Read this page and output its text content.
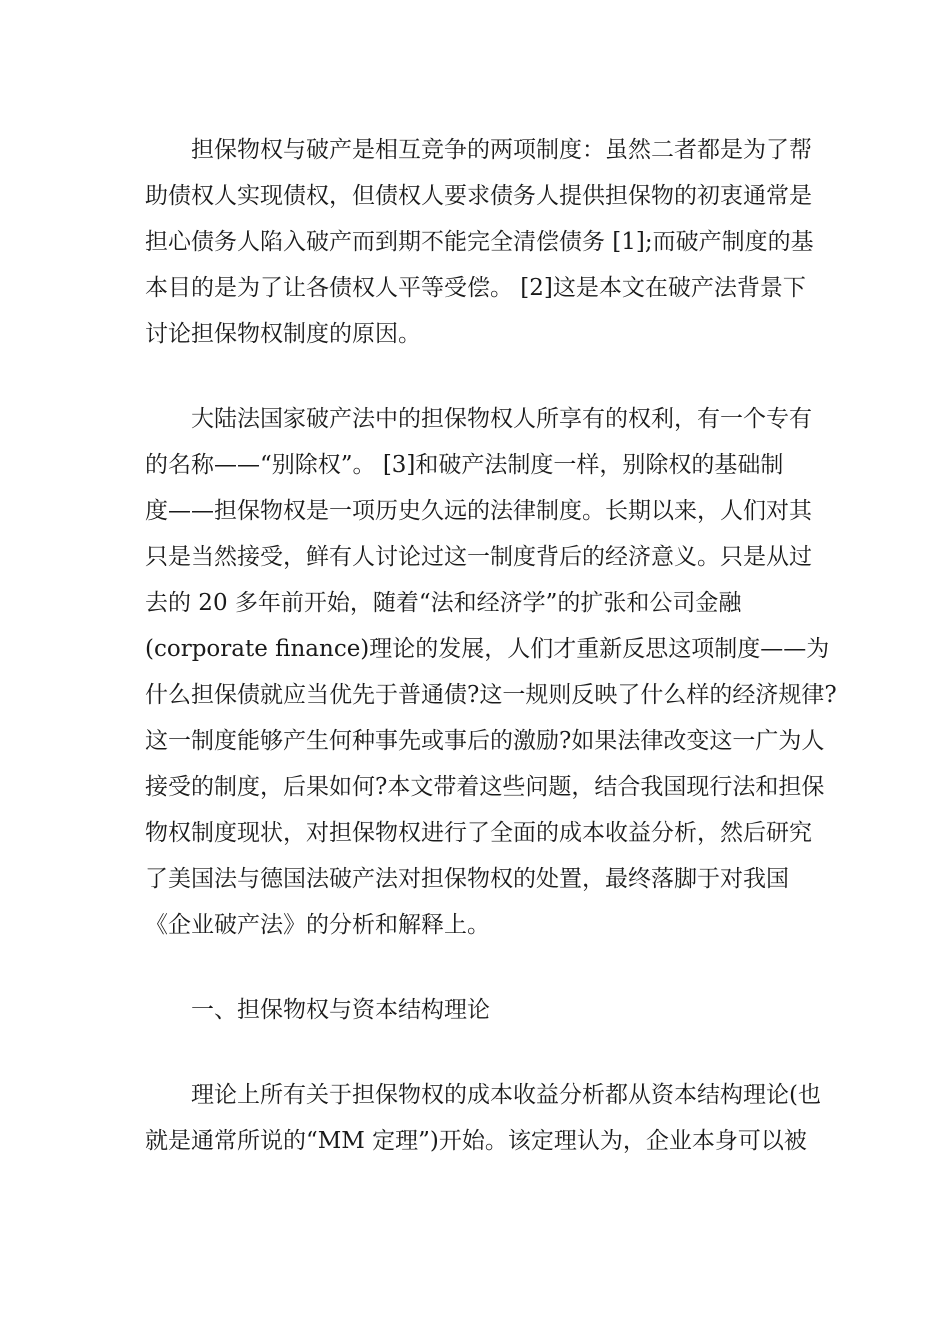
　　担保物权与破产是相互竞争的两项制度：虽然二者都是为了帮
助债权人实现债权，但债权人要求债务人提供担保物的初衷通常是
担心债务人陷入破产而到期不能完全清偿债务 [1];而破产制度的基
本目的是为了让各债权人平等受偿。 [2]这是本文在破产法背景下
讨论担保物权制度的原因。
　　大陆法国家破产法中的担保物权人所享有的权利，有一个专有
的名称——“别除权”。 [3]和破产法制度一样，别除权的基础制
度——担保物权是一项历史久远的法律制度。长期以来，人们对其
只是当然接受，鲜有人讨论过这一制度背后的经济意义。只是从过
去的 20 多年前开始，随着“法和经济学”的扩张和公司金融
(corporate finance)理论的发展，人们才重新反思这项制度——为
什么担保债就应当优先于普通债?这一规则反映了什么样的经济规律?
这一制度能够产生何种事先或事后的激励?如果法律改变这一广为人
接受的制度，后果如何?本文带着这些问题，结合我国现行法和担保
物权制度现状，对担保物权进行了全面的成本收益分析，然后研究
了美国法与德国法破产法对担保物权的处置，最终落脚于对我国
《企业破产法》的分析和解释上。
　　一、担保物权与资本结构理论
　　理论上所有关于担保物权的成本收益分析都从资本结构理论(也
就是通常所说的“MM 定理”)开始。该定理认为，企业本身可以被
